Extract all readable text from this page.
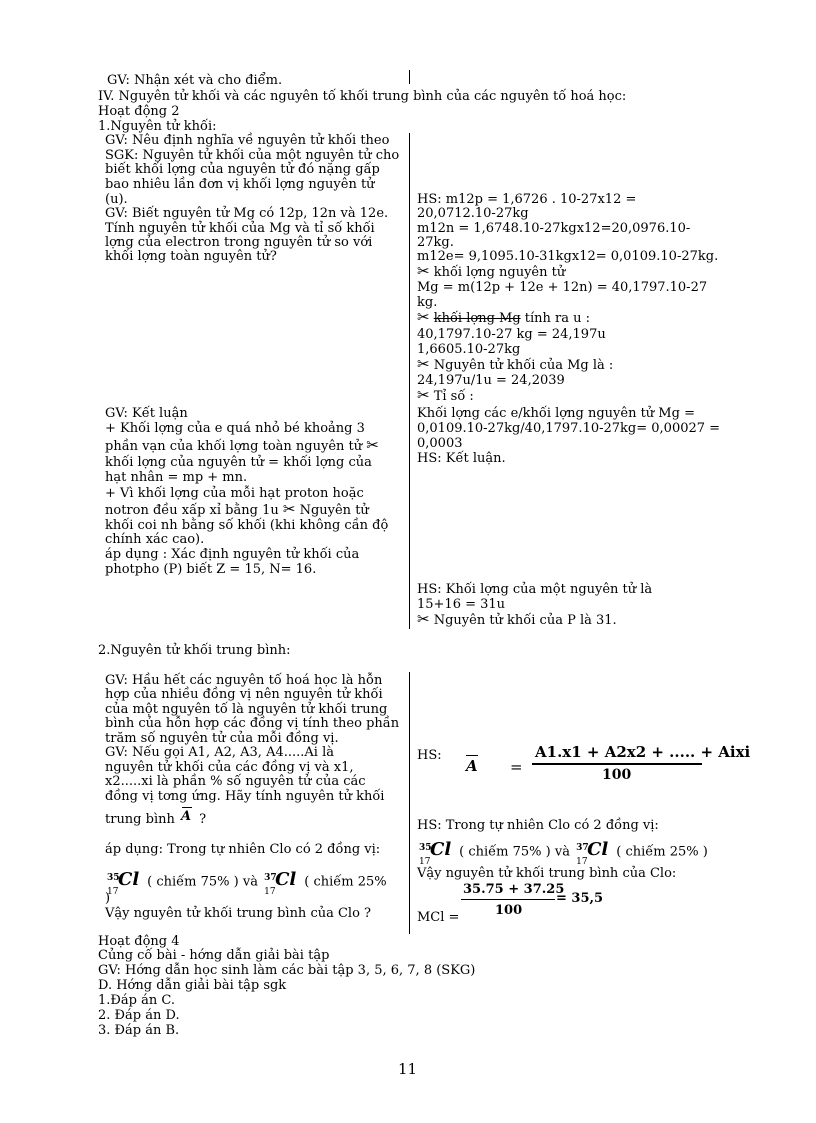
GV: Nhận xét và cho điểm.
IV. Nguyên tử khối và các nguyên tố khối trung bình của các nguyên tố hoá học:
Hoạt động 2
1.Nguyên tử khối:
GV: Nêu định nghĩa về nguyên tử khối theo
SGK: Nguyên tử khối của một nguyên tử cho
biết khối lợng của nguyên tử đó nặng gấp
bao nhiêu lần đơn vị khối lợng nguyên tử
(u).
GV: Biết nguyên tử Mg có 12p, 12n và 12e.
Tính nguyên tử khối của Mg và tỉ số khối
lợng của electron trong nguyên tử so với
khối lợng toàn nguyên tử?
HS: m12p = 1,6726 . 10-27x12 =
20,0712.10-27kg
m12n = 1,6748.10-27kgx12=20,0976.10-
27kg.
m12e= 9,1095.10-31kgx12= 0,0109.10-27kg.
✂ khối lợng nguyên tử
Mg = m(12p + 12e + 12n) = 40,1797.10-27
kg.
✂ khối lợng Mg tính ra u :
40,1797.10-27 kg = 24,197u
1,6605.10-27kg
✂ Nguyên tử khối của Mg là :
24,197u/1u = 24,2039
✂ Tỉ số :
Khối lợng các e/khối lợng nguyên tử Mg =
0,0109.10-27kg/40,1797.10-27kg= 0,00027 =
0,0003
HS: Kết luận.
GV: Kết luận
+ Khối lợng của e quá nhỏ bé khoảng 3
phần vạn của khối lợng toàn nguyên tử ✂
khối lợng của nguyên tử = khối lợng của
hạt nhân = mp + mn.
+ Vì khối lợng của mỗi hạt proton hoặc
notron đều xấp xỉ bằng 1u ✂ Nguyên tử
khối coi nh bằng số khối (khi không cần độ
chính xác cao).
áp dụng : Xác định nguyên tử khối của
photpho (P) biết Z = 15, N= 16.
HS: Khối lợng của một nguyên tử là
15+16 = 31u
✂ Nguyên tử khối của P là 31.
2.Nguyên tử khối trung bình:
GV: Hầu hết các nguyên tố hoá học là hỗn
hợp của nhiều đồng vị nên nguyên tử khối
của một nguyên tố là nguyên tử khối trung
bình của hỗn hợp các đồng vị tính theo phần
trăm số nguyên tử của mỗi đồng vị.
GV: Nếu gọi A1, A2, A3, A4.....Ai là
nguyên tử khối của các đồng vị và x1,
x2.....xi là phần % số nguyên tử của các
đồng vị tơng ứng. Hãy tính nguyên tử khối
trung bình A ?
áp dụng: Trong tự nhiên Clo có 2 đồng vị:
35
17
Cl ( chiếm 75% ) và 37
17
Cl ( chiếm 25%
)
Vậy nguyên tử khối trung bình của Clo ?
HS:
A =
A1.x1 + A2x2 + ..... + Aixi
100
HS: Trong tự nhiên Clo có 2 đồng vị:
35
17
Cl ( chiếm 75% ) và 37
17
Cl ( chiếm 25% )
Vậy nguyên tử khối trung bình của Clo:
35.75 + 37.25
100
= 35,5
MCl =
Hoạt động 4
Củng cố bài - hớng dẫn giải bài tập
GV: Hớng dẫn học sinh làm các bài tập 3, 5, 6, 7, 8 (SKG)
D. Hớng dẫn giải bài tập sgk
1.Đáp án C.
2. Đáp án D.
3. Đáp án B.
11
